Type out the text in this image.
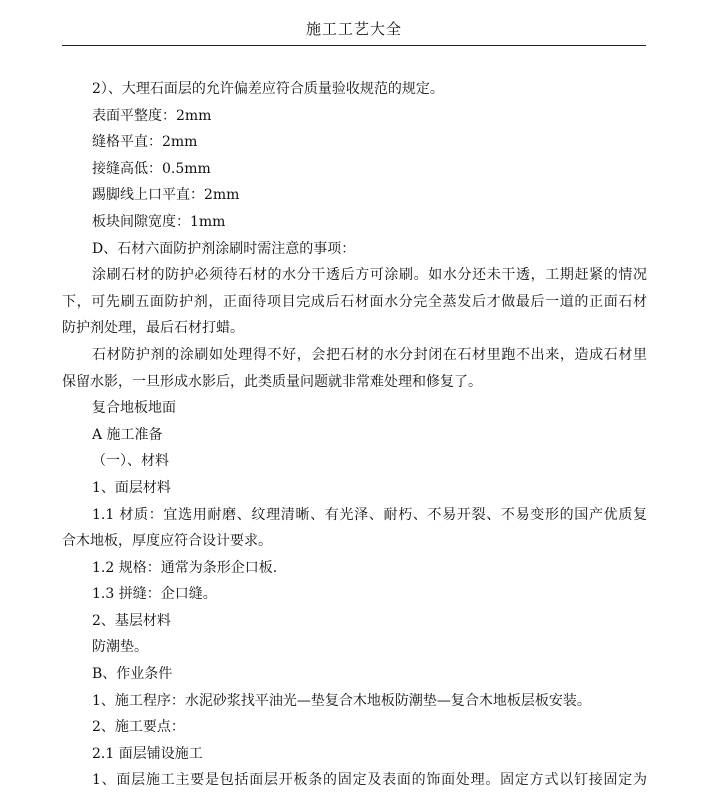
施工工艺大全
2）、大理石面层的允许偏差应符合质量验收规范的规定。
表面平整度：2mm
缝格平直：2mm
接缝高低：0.5mm
踢脚线上口平直：2mm
板块间隙宽度：1mm
D、石材六面防护剂涂刷时需注意的事项：
涂刷石材的防护必须待石材的水分干透后方可涂刷。如水分还未干透，工期赶紧的情况
下，可先刷五面防护剂，正面待项目完成后石材面水分完全蒸发后才做最后一道的正面石材
防护剂处理，最后石材打蜡。
石材防护剂的涂刷如处理得不好，会把石材的水分封闭在石材里跑不出来，造成石材里
保留水影，一旦形成水影后，此类质量问题就非常难处理和修复了。
复合地板地面
A 施工准备
（一）、材料
1、面层材料
1.1 材质：宜选用耐磨、纹理清晰、有光泽、耐朽、不易开裂、不易变形的国产优质复
合木地板，厚度应符合设计要求。
1.2 规格：通常为条形企口板.
1.3 拼缝：企口缝。
2、基层材料
防潮垫。
B、作业条件
1、施工程序：水泥砂浆找平油光—垫复合木地板防潮垫—复合木地板层板安装。
2、施工要点：
2.1 面层铺设施工
1、面层施工主要是包括面层开板条的固定及表面的饰面处理。固定方式以钉接固定为
